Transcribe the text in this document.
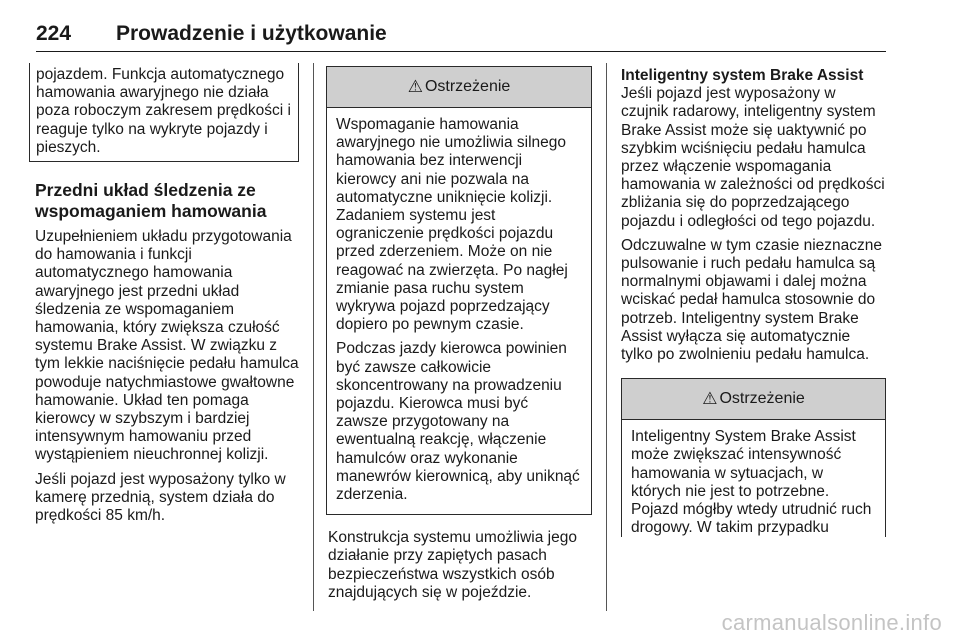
224 Prowadzenie i użytkowanie
pojazdem. Funkcja automatycznego hamowania awaryjnego nie działa poza roboczym zakresem prędkości i reaguje tylko na wykryte pojazdy i pieszych.
Przedni układ śledzenia ze wspomaganiem hamowania

Uzupełnieniem układu przygotowania do hamowania i funkcji automatycznego hamowania awaryjnego jest przedni układ śledzenia ze wspomaganiem hamowania, który zwiększa czułość systemu Brake Assist. W związku z tym lekkie naciśnięcie pedału hamulca powoduje natychmiastowe gwałtowne hamowanie. Układ ten pomaga kierowcy w szybszym i bardziej intensywnym hamowaniu przed wystąpieniem nieuchronnej kolizji.

Jeśli pojazd jest wyposażony tylko w kamerę przednią, system działa do prędkości 85 km/h.

⚠ Ostrzeżenie

Wspomaganie hamowania awaryjnego nie umożliwia silnego hamowania bez interwencji kierowcy ani nie pozwala na automatyczne uniknięcie kolizji. Zadaniem systemu jest ograniczenie prędkości pojazdu przed zderzeniem. Może on nie reagować na zwierzęta. Po nagłej zmianie pasa ruchu system wykrywa pojazd poprzedzający dopiero po pewnym czasie.

Podczas jazdy kierowca powinien być zawsze całkowicie skoncentrowany na prowadzeniu pojazdu. Kierowca musi być zawsze przygotowany na ewentualną reakcję, włączenie hamulców oraz wykonanie manewrów kierownicą, aby uniknąć zderzenia.

Konstrukcja systemu umożliwia jego działanie przy zapiętych pasach bezpieczeństwa wszystkich osób znajdujących się w pojeździe.

Inteligentny system Brake Assist

Jeśli pojazd jest wyposażony w czujnik radarowy, inteligentny system Brake Assist może się uaktywnić po szybkim wciśnięciu pedału hamulca przez włączenie wspomagania hamowania w zależności od prędkości zbliżania się do poprzedzającego pojazdu i odległości od tego pojazdu.

Odczuwalne w tym czasie nieznaczne pulsowanie i ruch pedału hamulca są normalnymi objawami i dalej można wciskać pedał hamulca stosownie do potrzeb. Inteligentny system Brake Assist wyłącza się automatycznie tylko po zwolnieniu pedału hamulca.

⚠ Ostrzeżenie
Inteligentny System Brake Assist może zwiększać intensywność hamowania w sytuacjach, w których nie jest to potrzebne. Pojazd mógłby wtedy utrudnić ruch drogowy. W takim przypadku
carmanualsonline.info
